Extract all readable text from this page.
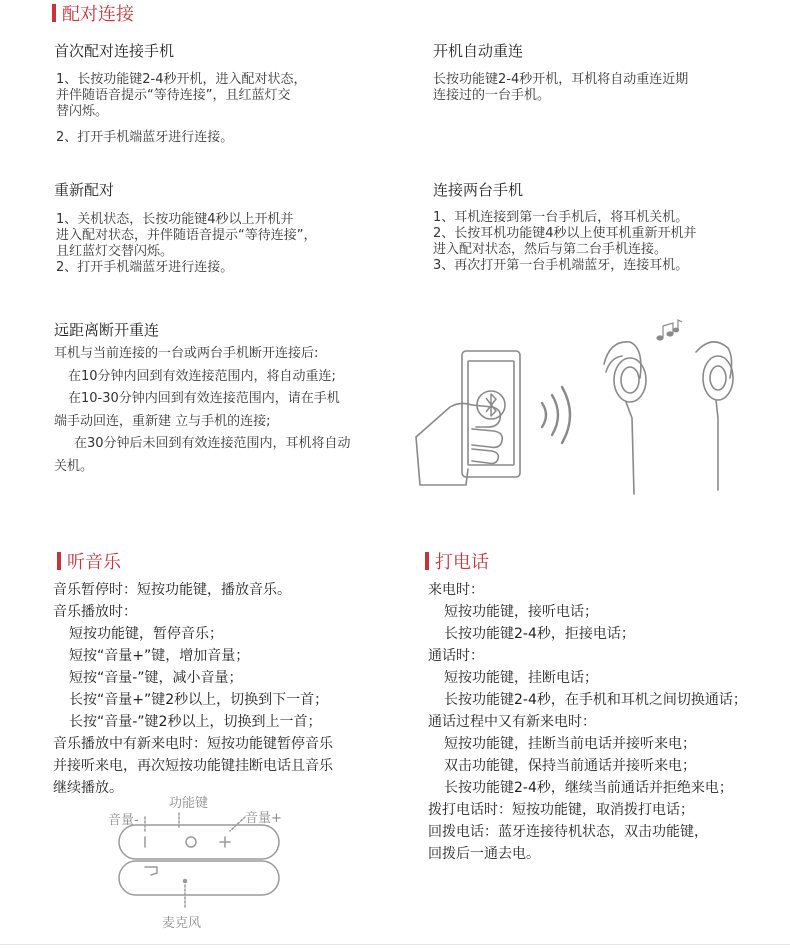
配对连接
首次配对连接手机
1、长按功能键2-4秒开机，进入配对状态，
并伴随语音提示“等待连接”，且红蓝灯交
替闪烁。
2、打开手机端蓝牙进行连接。
开机自动重连
长按功能键2-4秒开机，耳机将自动重连近期
连接过的一台手机。
重新配对
1、关机状态，长按功能键4秒以上开机并
进入配对状态，并伴随语音提示“等待连接”，
且红蓝灯交替闪烁。
2、打开手机端蓝牙进行连接。
连接两台手机
1、耳机连接到第一台手机后，将耳机关机。
2、长按耳机功能键4秒以上使耳机重新开机并
进入配对状态，然后与第二台手机连接。
3、再次打开第一台手机端蓝牙，连接耳机。
远距离断开重连
耳机与当前连接的一台或两台手机断开连接后:
在10分钟内回到有效连接范围内，将自动重连;
在10-30分钟内回到有效连接范围内，请在手机
端手动回连，重新建 立与手机的连接;
在30分钟后未回到有效连接范围内，耳机将自动
关机。
听音乐
音乐暂停时：短按功能键，播放音乐。
音乐播放时：
短按功能键，暂停音乐；
短按“音量+”键，增加音量；
短按“音量-”键，减小音量；
长按“音量+”键2秒以上，切换到下一首；
长按“音量-”键2秒以上，切换到上一首；
音乐播放中有新来电时：短按功能键暂停音乐
并接听来电，再次短按功能键挂断电话且音乐
继续播放。
音量-
功能键
音量+
麦克风
打电话
来电时：
短按功能键，接听电话；
长按功能键2-4秒，拒接电话；
通话时：
短按功能键，挂断电话；
长按功能键2-4秒，在手机和耳机之间切换通话；
通话过程中又有新来电时：
短按功能键，挂断当前电话并接听来电；
双击功能键，保持当前通话并接听来电；
长按功能键2-4秒，继续当前通话并拒绝来电；
拨打电话时：短按功能键，取消拨打电话；
回拨电话：蓝牙连接待机状态，双击功能键，
回拨后一通去电。
